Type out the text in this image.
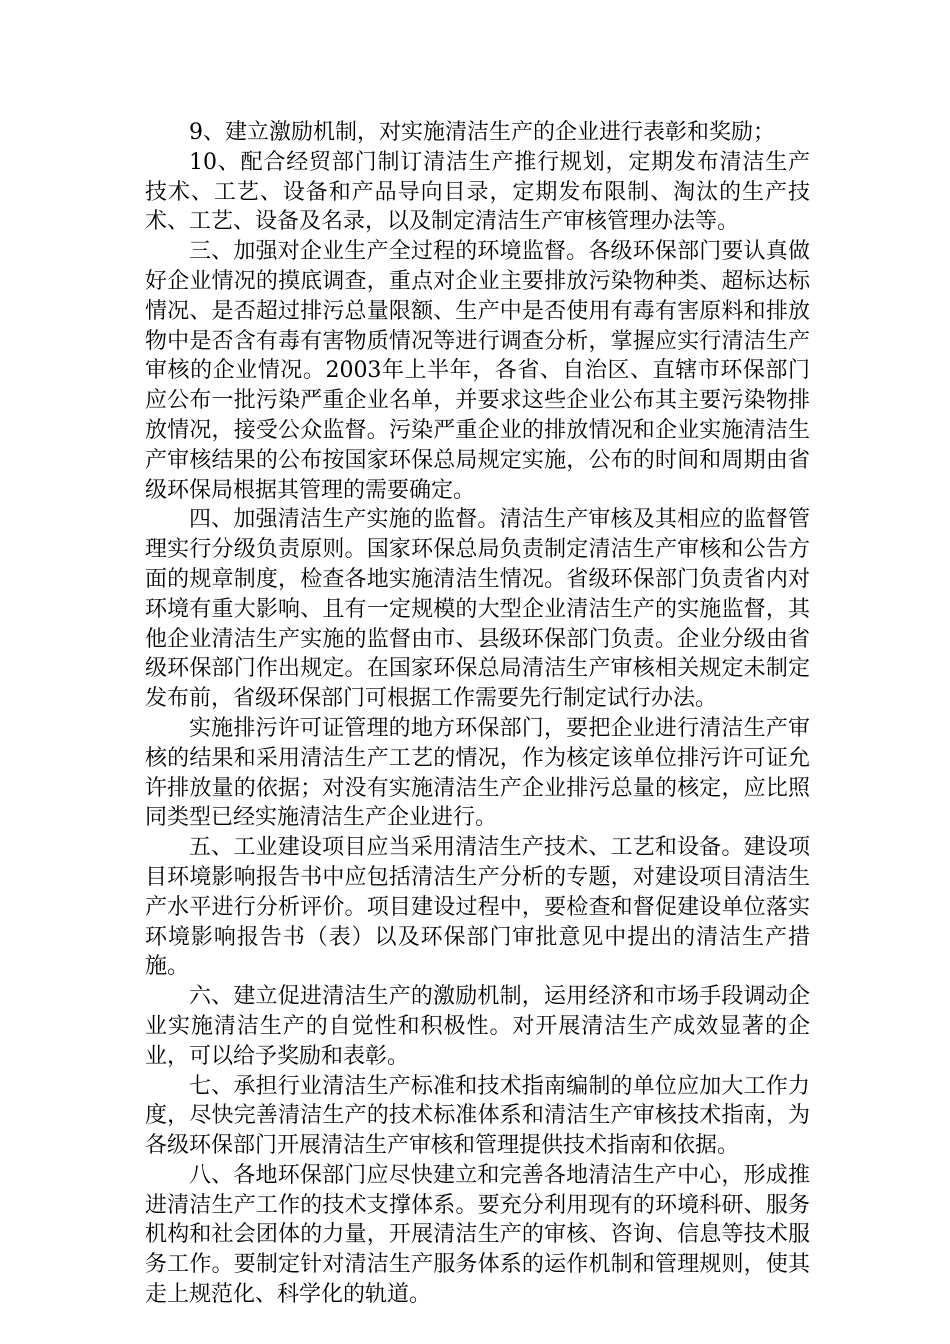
9、建立激励机制，对实施清洁生产的企业进行表彰和奖励；

10、配合经贸部门制订清洁生产推行规划，定期发布清洁生产技术、工艺、设备和产品导向目录，定期发布限制、淘汰的生产技术、工艺、设备及名录，以及制定清洁生产审核管理办法等。

三、加强对企业生产全过程的环境监督。各级环保部门要认真做好企业情况的摸底调查，重点对企业主要排放污染物种类、超标达标情况、是否超过排污总量限额、生产中是否使用有毒有害原料和排放物中是否含有毒有害物质情况等进行调查分析，掌握应实行清洁生产审核的企业情况。2003年上半年，各省、自治区、直辖市环保部门应公布一批污染严重企业名单，并要求这些企业公布其主要污染物排放情况，接受公众监督。污染严重企业的排放情况和企业实施清洁生产审核结果的公布按国家环保总局规定实施，公布的时间和周期由省级环保局根据其管理的需要确定。

四、加强清洁生产实施的监督。清洁生产审核及其相应的监督管理实行分级负责原则。国家环保总局负责制定清洁生产审核和公告方面的规章制度，检查各地实施清洁生情况。省级环保部门负责省内对环境有重大影响、且有一定规模的大型企业清洁生产的实施监督，其他企业清洁生产实施的监督由市、县级环保部门负责。企业分级由省级环保部门作出规定。在国家环保总局清洁生产审核相关规定未制定发布前，省级环保部门可根据工作需要先行制定试行办法。

实施排污许可证管理的地方环保部门，要把企业进行清洁生产审核的结果和采用清洁生产工艺的情况，作为核定该单位排污许可证允许排放量的依据；对没有实施清洁生产企业排污总量的核定，应比照同类型已经实施清洁生产企业进行。

五、工业建设项目应当采用清洁生产技术、工艺和设备。建设项目环境影响报告书中应包括清洁生产分析的专题，对建设项目清洁生产水平进行分析评价。项目建设过程中，要检查和督促建设单位落实环境影响报告书（表）以及环保部门审批意见中提出的清洁生产措施。

六、建立促进清洁生产的激励机制，运用经济和市场手段调动企业实施清洁生产的自觉性和积极性。对开展清洁生产成效显著的企业，可以给予奖励和表彰。

七、承担行业清洁生产标准和技术指南编制的单位应加大工作力度，尽快完善清洁生产的技术标准体系和清洁生产审核技术指南，为各级环保部门开展清洁生产审核和管理提供技术指南和依据。

八、各地环保部门应尽快建立和完善各地清洁生产中心，形成推进清洁生产工作的技术支撑体系。要充分利用现有的环境科研、服务机构和社会团体的力量，开展清洁生产的审核、咨询、信息等技术服务工作。要制定针对清洁生产服务体系的运作机制和管理规则，使其走上规范化、科学化的轨道。
